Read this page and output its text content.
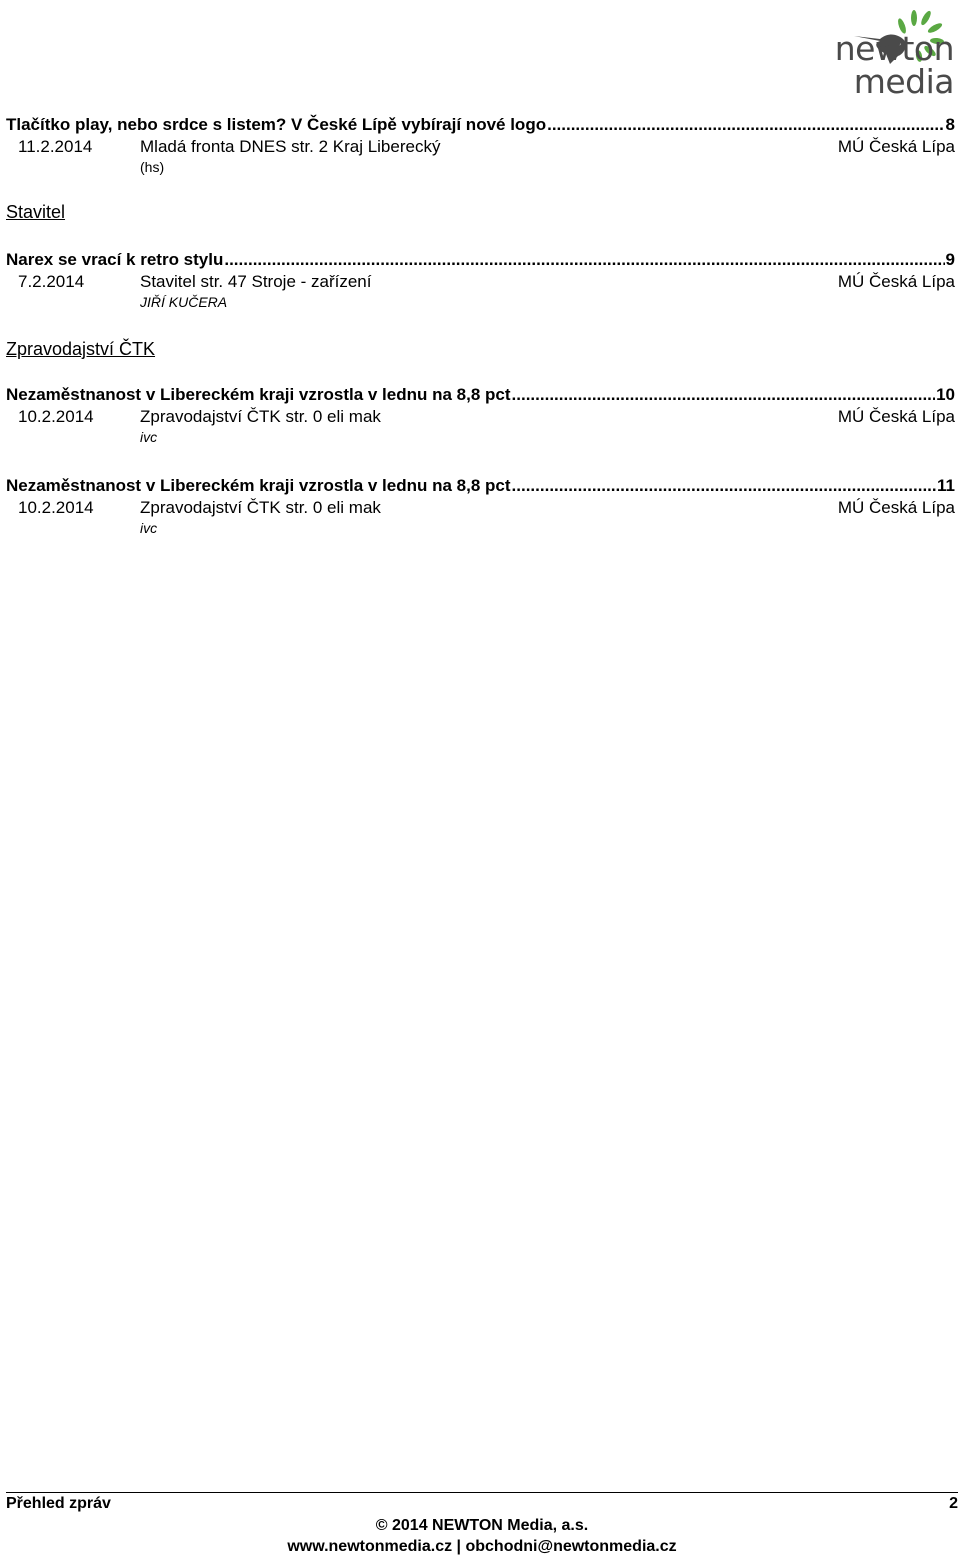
newton media
Tlačítko play, nebo srdce s listem? V České Lípě vybírají nové logo .....	8
11.2.2014	Mladá fronta DNES str. 2 Kraj Liberecký	MÚ Česká Lípa
(hs)
Stavitel
Narex se vrací k retro stylu .....	9
7.2.2014	Stavitel str. 47 Stroje - zařízení	MÚ Česká Lípa
JIŘÍ KUČERA
Zpravodajství ČTK
Nezaměstnanost v Libereckém kraji vzrostla v lednu na 8,8 pct .....	10
10.2.2014	Zpravodajství ČTK str. 0 eli mak	MÚ Česká Lípa
ivc
Nezaměstnanost v Libereckém kraji vzrostla v lednu na 8,8 pct .....	11
10.2.2014	Zpravodajství ČTK str. 0 eli mak	MÚ Česká Lípa
ivc
Přehled zpráv	2
© 2014 NEWTON Media, a.s.
www.newtonmedia.cz | obchodni@newtonmedia.cz
